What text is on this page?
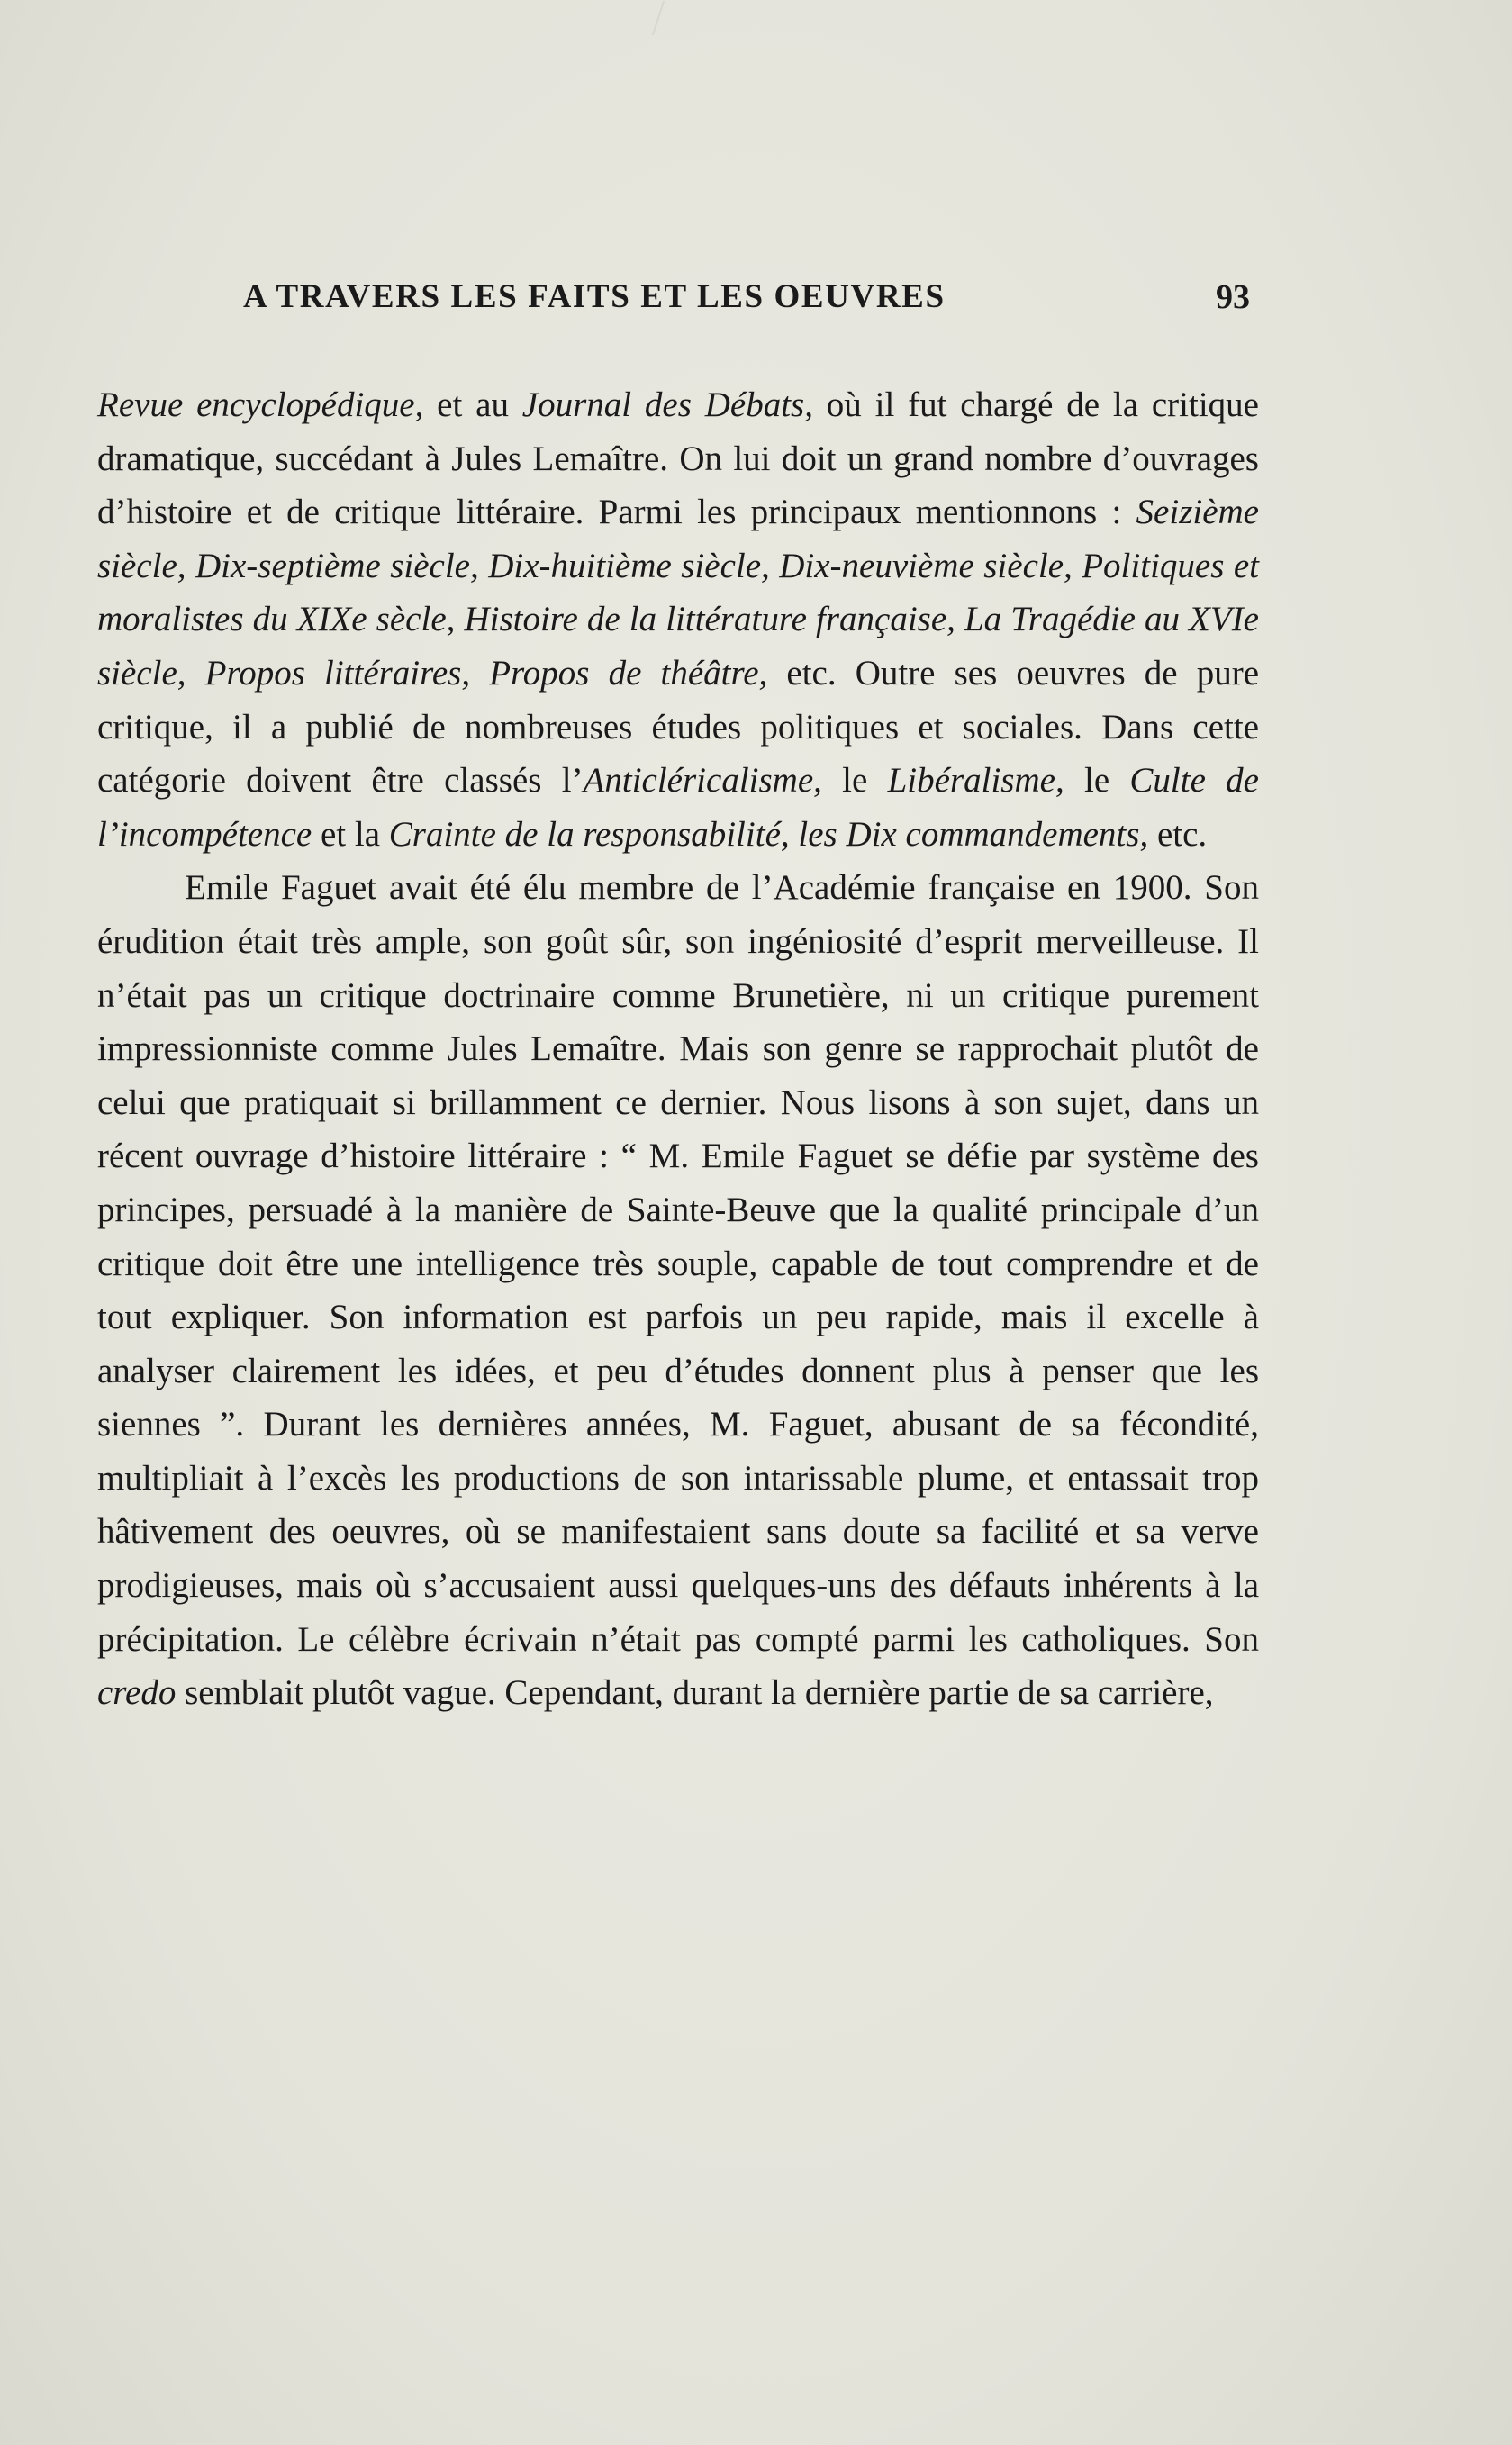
A TRAVERS LES FAITS ET LES OEUVRES	93

Revue encyclopédique, et au Journal des Débats, où il fut chargé de la critique dramatique, succédant à Jules Lemaître. On lui doit un grand nombre d’ouvrages d’histoire et de critique littéraire. Parmi les principaux mentionnons : Seizième siècle, Dix-septième siècle, Dix-huitième siècle, Dix-neuvième siècle, Politiques et moralistes du XIXe sècle, Histoire de la littérature française, La Tragédie au XVIe siècle, Propos littéraires, Propos de théâtre, etc. Outre ses oeuvres de pure critique, il a publié de nombreuses études politiques et sociales. Dans cette catégorie doivent être classés l’Anticléricalisme, le Libéralisme, le Culte de l’incompétence et la Crainte de la responsabilité, les Dix commandements, etc.

Emile Faguet avait été élu membre de l’Académie française en 1900. Son érudition était très ample, son goût sûr, son ingéniosité d’esprit merveilleuse. Il n’était pas un critique doctrinaire comme Brunetière, ni un critique purement impressionniste comme Jules Lemaître. Mais son genre se rapprochait plutôt de celui que pratiquait si brillamment ce dernier. Nous lisons à son sujet, dans un récent ouvrage d’histoire littéraire : “ M. Emile Faguet se défie par système des principes, persuadé à la manière de Sainte-Beuve que la qualité principale d’un critique doit être une intelligence très souple, capable de tout comprendre et de tout expliquer. Son information est parfois un peu rapide, mais il excelle à analyser clairement les idées, et peu d’études donnent plus à penser que les siennes ”. Durant les dernières années, M. Faguet, abusant de sa fécondité, multipliait à l’excès les productions de son intarissable plume, et entassait trop hâtivement des oeuvres, où se manifestaient sans doute sa facilité et sa verve prodigieuses, mais où s’accusaient aussi quelques-uns des défauts inhérents à la précipitation. Le célèbre écrivain n’était pas compté parmi les catholiques. Son credo semblait plutôt vague. Cependant, durant la dernière partie de sa carrière,
